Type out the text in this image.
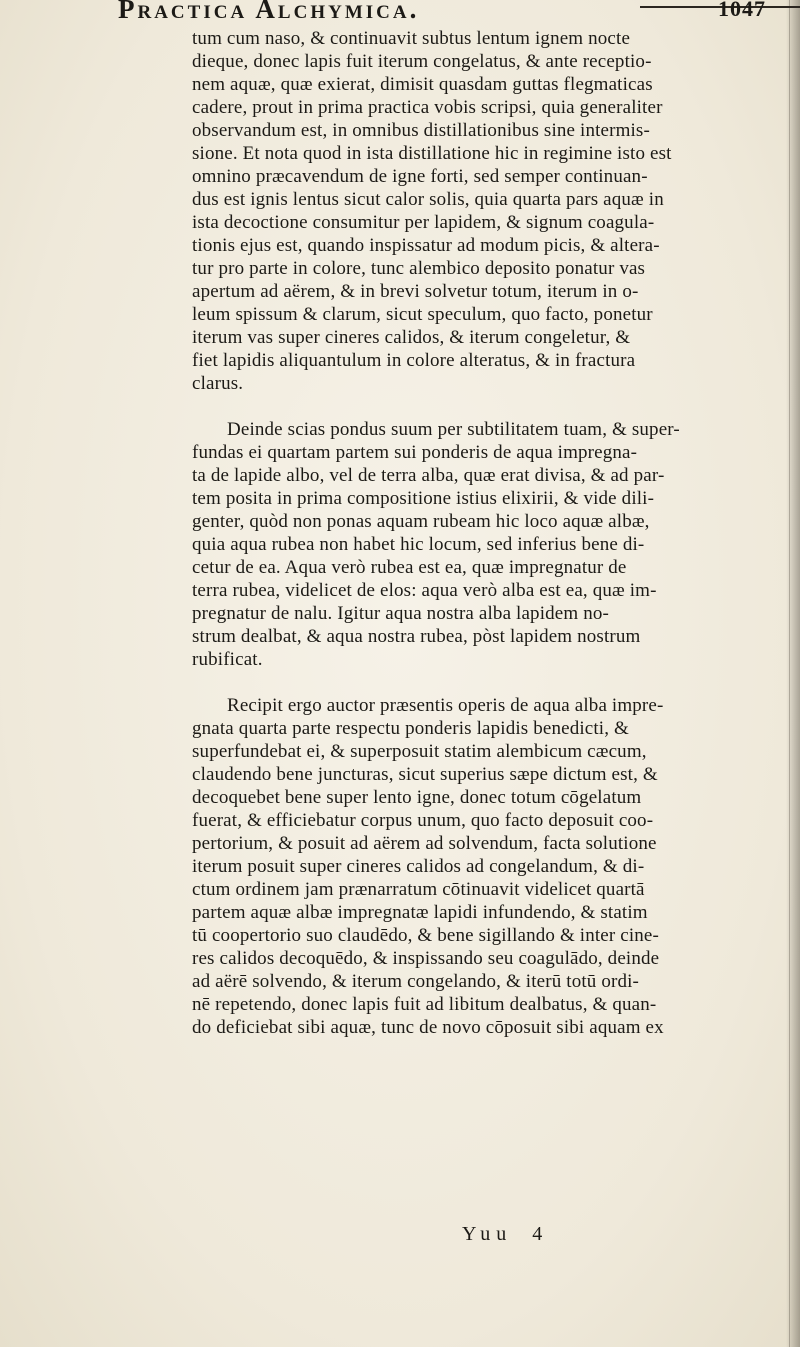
Practica Alchymica.	1047
tum cum naso, & continuavit subtus lentum ignem nocte
dieque, donec lapis fuit iterum congelatus, & ante receptio-
nem aquæ, quæ exierat, dimisit quasdam guttas flegmaticas
cadere, prout in prima practica vobis scripsi, quia generaliter
observandum est, in omnibus distillationibus sine intermis-
sione. Et nota quod in ista distillatione hic in regimine isto est
omnino præcavendum de igne forti, sed semper continuan-
dus est ignis lentus sicut calor solis, quia quarta pars aquæ in
ista decoctione consumitur per lapidem, & signum coagula-
tionis ejus est, quando inspissatur ad modum picis, & altera-
tur pro parte in colore, tunc alembico deposito ponatur vas
apertum ad aërem, & in brevi solvetur totum, iterum in o-
leum spissum & clarum, sicut speculum, quo facto, ponetur
iterum vas super cineres calidos, & iterum congeletur, &
fiet lapidis aliquantulum in colore alteratus, & in fractura
clarus.
Deinde scias pondus suum per subtilitatem tuam, & super-
fundas ei quartam partem sui ponderis de aqua impregna-
ta de lapide albo, vel de terra alba, quæ erat divisa, & ad par-
tem posita in prima compositione istius elixirii, & vide dili-
genter, quòd non ponas aquam rubeam hic loco aquæ albæ,
quia aqua rubea non habet hic locum, sed inferius bene di-
cetur de ea. Aqua verò rubea est ea, quæ impregnatur de
terra rubea, videlicet de elos: aqua verò alba est ea, quæ im-
pregnatur de nalu. Igitur aqua nostra alba lapidem no-
strum dealbat, & aqua nostra rubea, pòst lapidem nostrum
rubificat.
Recipit ergo auctor præsentis operis de aqua alba impre-
gnata quarta parte respectu ponderis lapidis benedicti, &
superfundebat ei, & superposuit statim alembicum cæcum,
claudendo bene juncturas, sicut superius sæpe dictum est, &
decoquebet bene super lento igne, donec totum cōgelatum
fuerat, & efficiebatur corpus unum, quo facto deposuit coo-
pertorium, & posuit ad aërem ad solvendum, facta solutione
iterum posuit super cineres calidos ad congelandum, & di-
ctum ordinem jam prænarratum cōtinuavit videlicet quartā
partem aquæ albæ impregnatæ lapidi infundendo, & statim
tū coopertorio suo claudēdo, & bene sigillando & inter cine-
res calidos decoquēdo, & inspissando seu coagulādo, deinde
ad aërē solvendo, & iterum congelando, & iterū totū ordi-
nē repetendo, donec lapis fuit ad libitum dealbatus, & quan-
do deficiebat sibi aquæ, tunc de novo cōposuit sibi aquam ex
Yuu 4
